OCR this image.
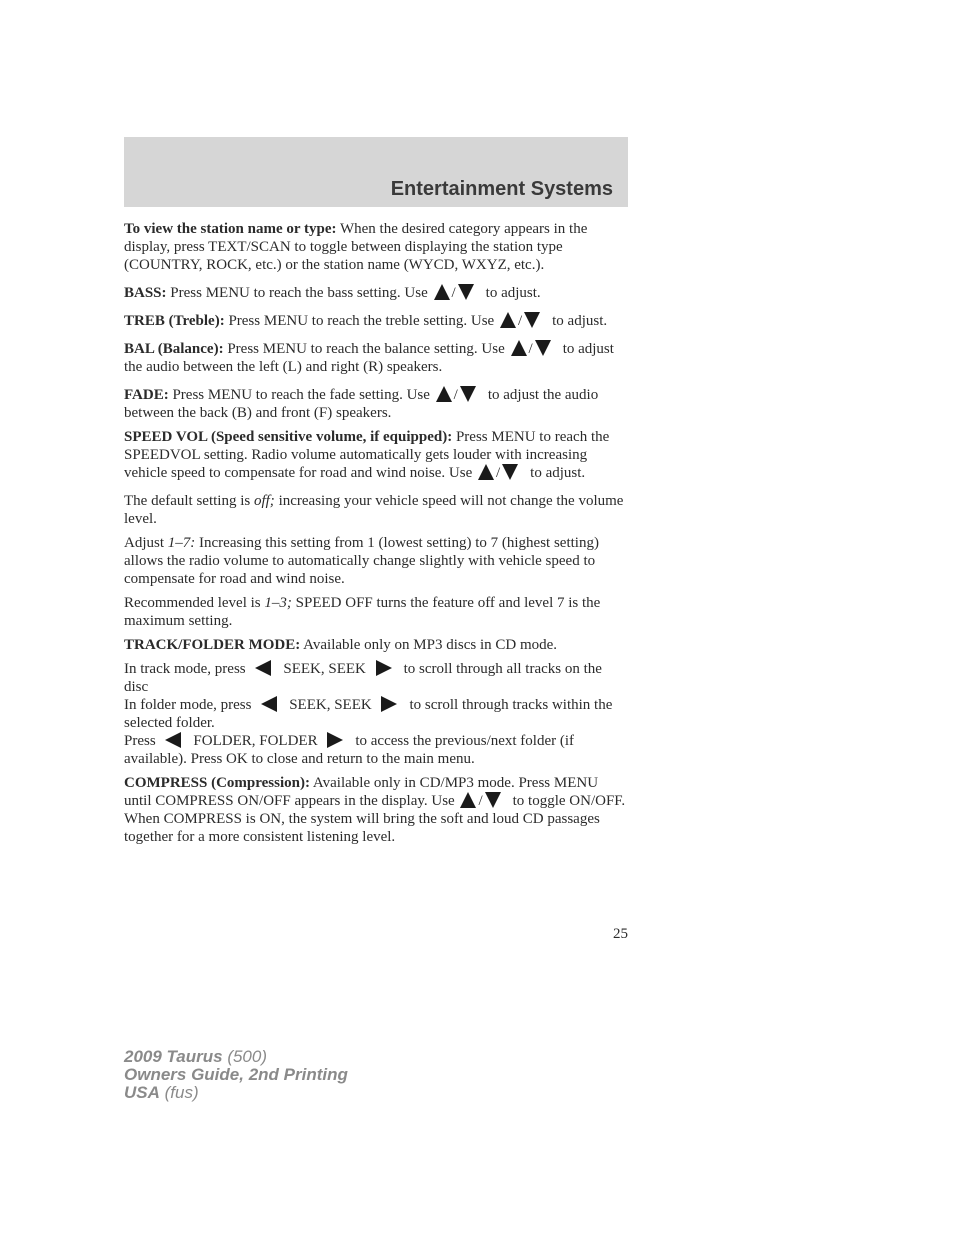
Entertainment Systems

To view the station name or type: When the desired category appears in the display, press TEXT/SCAN to toggle between displaying the station type (COUNTRY, ROCK, etc.) or the station name (WYCD, WXYZ, etc.).

BASS: Press MENU to reach the bass setting. Use / to adjust.

TREB (Treble): Press MENU to reach the treble setting. Use / to adjust.

BAL (Balance): Press MENU to reach the balance setting. Use / to adjust the audio between the left (L) and right (R) speakers.

FADE: Press MENU to reach the fade setting. Use / to adjust the audio between the back (B) and front (F) speakers.

SPEED VOL (Speed sensitive volume, if equipped): Press MENU to reach the SPEEDVOL setting. Radio volume automatically gets louder with increasing vehicle speed to compensate for road and wind noise. Use / to adjust.

The default setting is off; increasing your vehicle speed will not change the volume level.

Adjust 1–7: Increasing this setting from 1 (lowest setting) to 7 (highest setting) allows the radio volume to automatically change slightly with vehicle speed to compensate for road and wind noise.

Recommended level is 1–3; SPEED OFF turns the feature off and level 7 is the maximum setting.

TRACK/FOLDER MODE: Available only on MP3 discs in CD mode.

In track mode, press SEEK, SEEK to scroll through all tracks on the disc

In folder mode, press SEEK, SEEK to scroll through tracks within the selected folder.

Press FOLDER, FOLDER to access the previous/next folder (if available). Press OK to close and return to the main menu.

COMPRESS (Compression): Available only in CD/MP3 mode. Press MENU until COMPRESS ON/OFF appears in the display. Use / to toggle ON/OFF. When COMPRESS is ON, the system will bring the soft and loud CD passages together for a more consistent listening level.

25
2009 Taurus (500)
Owners Guide, 2nd Printing
USA (fus)
